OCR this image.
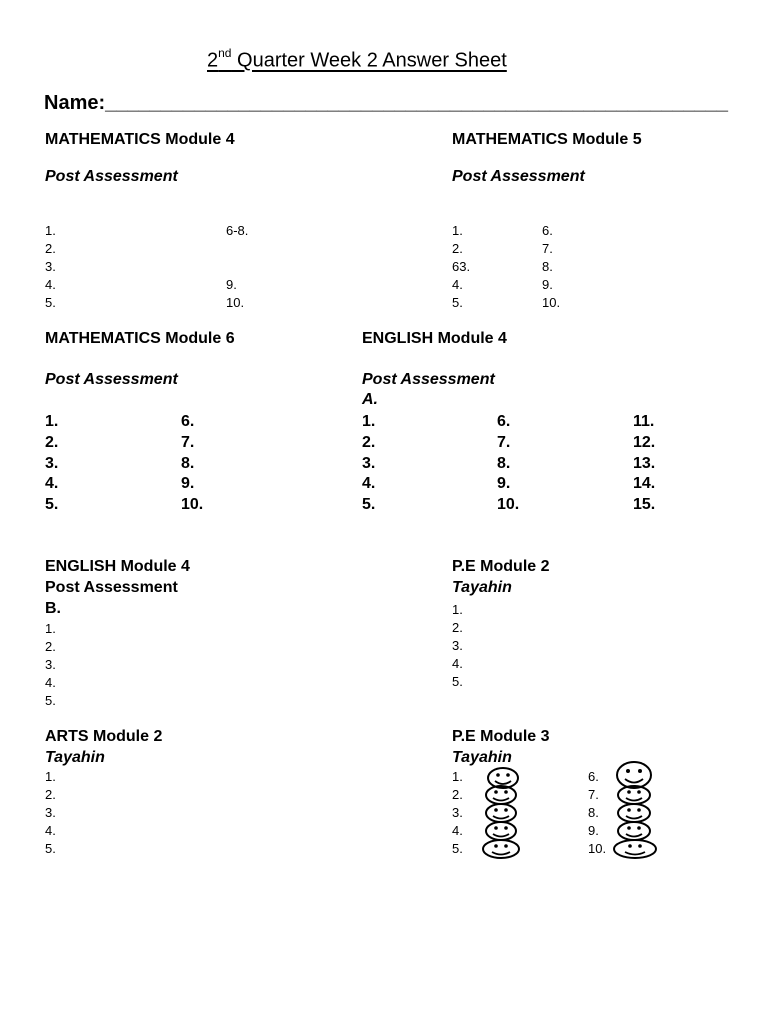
2nd Quarter Week 2 Answer Sheet
Name:________________________________________________________
MATHEMATICS Module 4
Post Assessment
1.
2.
3.
4.
5.
6-8.
9.
10.
MATHEMATICS Module 5
Post Assessment
1.
2.
63.
4.
5.
6.
7.
8.
9.
10.
MATHEMATICS Module 6
Post Assessment
1.
2.
3.
4.
5.
6.
7.
8.
9.
10.
ENGLISH Module 4
Post Assessment
A.
1.
2.
3.
4.
5.
6.
7.
8.
9.
10.
11.
12.
13.
14.
15.
ENGLISH Module 4
Post Assessment
B.
1.
2.
3.
4.
5.
P.E Module 2
Tayahin
1.
2.
3.
4.
5.
ARTS Module 2
Tayahin
1.
2.
3.
4.
5.
P.E Module 3
Tayahin
1.
2.
3.
4.
5.
6.
7.
8.
9.
10.
